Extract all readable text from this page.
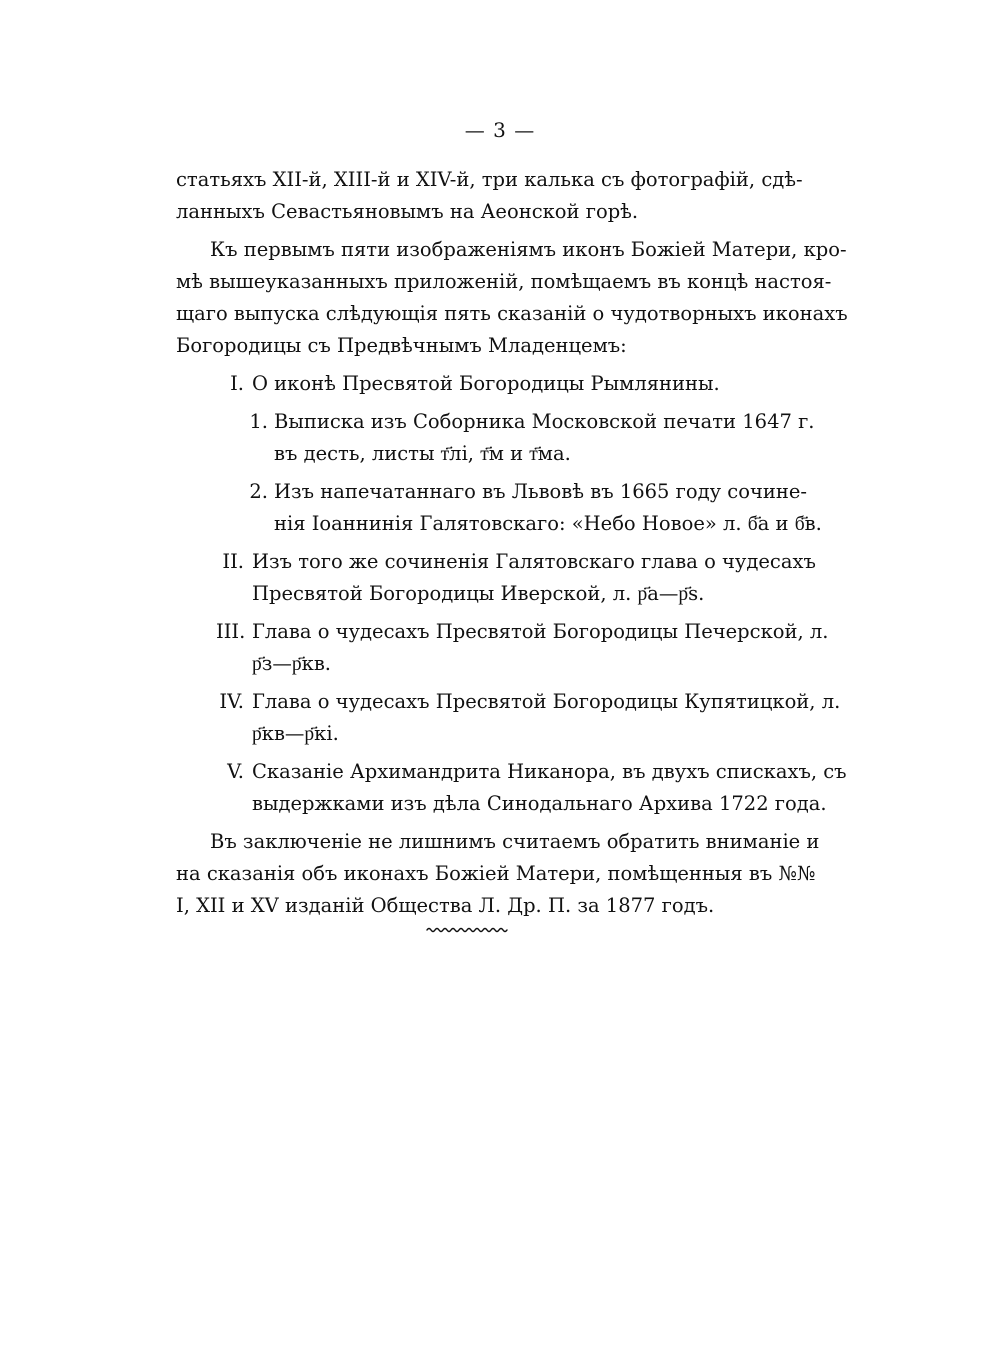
— 3 —
статьяхъ XII-й, XIII-й и XIV-й, три калька съ фотографій, сдѣ-
ланныхъ Севастьяновымъ на Аеонской горѣ.
Къ первымъ пяти изображеніямъ иконъ Божіей Матери, кро-
мѣ вышеуказанныхъ приложеній, помѣщаемъ въ концѣ настоя-
щаго выпуска слѣдующія пять сказаній о чудотворныхъ иконахъ
Богородицы съ Предвѣчнымъ Младенцемъ:
I. О иконѣ Пресвятой Богородицы Рымлянины.
1. Выписка изъ Соборника Московской печати 1647 г.
въ десть, листы т҃лі, т҃м и т҃ма.
2. Изъ напечатаннаго въ Львовѣ въ 1665 году сочине-
нія Іоаннинія Галятовскаго: «Небо Новое» л. б҃а и б҃в.
II. Изъ того же сочиненія Галятовскаго глава о чудесахъ
Пресвятой Богородицы Иверской, л. р҃а—р҃ѕ.
III. Глава о чудесахъ Пресвятой Богородицы Печерской, л.
р҃з—р҃кв.
IV. Глава о чудесахъ Пресвятой Богородицы Купятицкой, л.
р҃кв—р҃кі.
V. Сказаніе Архимандрита Никанора, въ двухъ спискахъ, съ
выдержками изъ дѣла Синодальнаго Архива 1722 года.
Въ заключеніе не лишнимъ считаемъ обратить вниманіе и
на сказанія объ иконахъ Божіей Матери, помѣщенныя въ №№
I, XII и XV изданій Общества Л. Др. П. за 1877 годъ.
